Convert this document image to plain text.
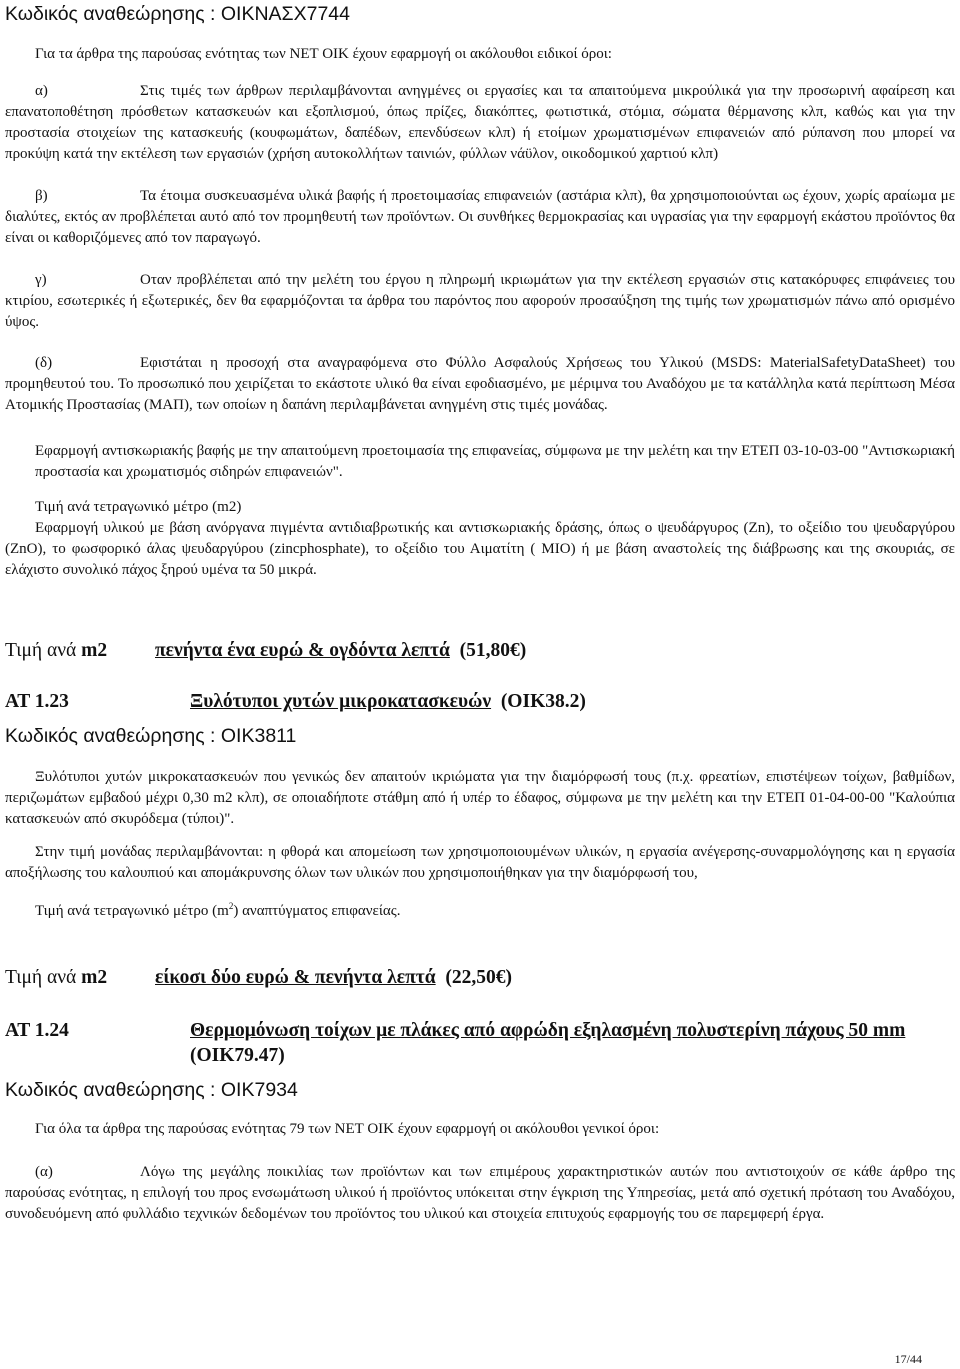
Κωδικός αναθεώρησης : ΟΙΚΝΑΣΧ7744

Για τα άρθρα της παρούσας ενότητας των ΝΕΤ ΟΙΚ έχουν εφαρμογή οι ακόλουθοι ειδικοί όροι:

α)	Στις τιμές των άρθρων περιλαμβάνονται ανηγμένες οι εργασίες και τα απαιτούμενα μικρούλικά για την προσωρινή αφαίρεση και επανατοποθέτηση πρόσθετων κατασκευών και εξοπλισμού, όπως πρίζες, διακόπτες, φωτιστικά, στόμια, σώματα θέρμανσης κλπ, καθώς και για την προστασία στοιχείων της κατασκευής (κουφωμάτων, δαπέδων, επενδύσεων κλπ) ή ετοίμων χρωματισμένων επιφανειών από ρύπανση που μπορεί να προκύψη κατά την εκτέλεση των εργασιών (χρήση αυτοκολλήτων ταινιών, φύλλων νάϋλον, οικοδομικού χαρτιού κλπ)

β)	Τα έτοιμα συσκευασμένα υλικά βαφής ή προετοιμασίας επιφανειών (αστάρια κλπ), θα χρησιμοποιούνται ως έχουν, χωρίς αραίωμα με διαλύτες, εκτός αν προβλέπεται αυτό από τον προμηθευτή των προϊόντων. Οι συνθήκες θερμοκρασίας και υγρασίας για την εφαρμογή εκάστου προϊόντος θα είναι οι καθοριζόμενες από τον παραγωγό.

γ)	Οταν προβλέπεται από την μελέτη του έργου η πληρωμή ικριωμάτων για την εκτέλεση εργασιών στις κατακόρυφες επιφάνειες του κτιρίου, εσωτερικές ή εξωτερικές, δεν θα εφαρμόζονται τα άρθρα του παρόντος που αφορούν προσαύξηση της τιμής των χρωματισμών πάνω από ορισμένο ύψος.

(δ)	Εφιστάται η προσοχή στα αναγραφόμενα στο Φύλλο Ασφαλούς Χρήσεως του Υλικού (MSDS: MaterialSafetyDataSheet) του προμηθευτού του. Το προσωπικό που χειρίζεται το εκάστοτε υλικό θα είναι εφοδιασμένο, με μέριμνα του Αναδόχου με τα κατάλληλα κατά περίπτωση Μέσα Ατομικής Προστασίας (ΜΑΠ), των οποίων η δαπάνη περιλαμβάνεται ανηγμένη στις τιμές μονάδας.

Εφαρμογή αντισκωριακής βαφής με την απαιτούμενη προετοιμασία της επιφανείας, σύμφωνα με την μελέτη και την ΕΤΕΠ 03-10-03-00 "Αντισκωριακή προστασία και χρωματισμός σιδηρών επιφανειών".

Τιμή ανά τετραγωνικό μέτρο (m2)

Εφαρμογή υλικού με βάση ανόργανα πιγμέντα αντιδιαβρωτικής και αντισκωριακής δράσης, όπως ο ψευδάργυρος (Zn), το οξείδιο του ψευδαργύρου (ZnO), το φωσφορικό άλας ψευδαργύρου (zincphosphate), το οξείδιο του Αιματίτη ( ΜΙΟ) ή με βάση αναστολείς της διάβρωσης και της σκουριάς, σε ελάχιστο συνολικό πάχος ξηρού υμένα τα 50 μικρά.

Τιμή ανά m2 πενήντα ένα ευρώ & ογδόντα λεπτά (51,80€)
ΑΤ 1.23	Ξυλότυποι χυτών μικροκατασκευών (ΟΙΚ38.2)
Κωδικός αναθεώρησης : ΟΙΚ3811

Ξυλότυποι χυτών μικροκατασκευών που γενικώς δεν απαιτούν ικριώματα για την διαμόρφωσή τους (π.χ. φρεατίων, επιστέψεων τοίχων, βαθμίδων, περιζωμάτων εμβαδού μέχρι 0,30 m2 κλπ), σε οποιαδήποτε στάθμη από ή υπέρ το έδαφος, σύμφωνα με την μελέτη και την ΕΤΕΠ 01-04-00-00 "Καλούπια κατασκευών από σκυρόδεμα (τύποι)".

Στην τιμή μονάδας περιλαμβάνονται: η φθορά και απομείωση των χρησιμοποιουμένων υλικών, η εργασία ανέγερσης-συναρμολόγησης και η εργασία αποξήλωσης του καλουπιού και απομάκρυνσης όλων των υλικών που χρησιμοποιήθηκαν για την διαμόρφωσή του,

Τιμή ανά τετραγωνικό μέτρο $(m^2)$ αναπτύγματος επιφανείας.

Τιμή ανά m2 είκοσι δύο ευρώ & πενήντα λεπτά (22,50€)
ΑΤ 1.24	Θερμομόνωση τοίχων με πλάκες από αφρώδη εξηλασμένη πολυστερίνη πάχους 50 mm  (ΟΙΚ79.47)
Κωδικός αναθεώρησης : ΟΙΚ7934

Για όλα τα άρθρα της παρούσας ενότητας 79 των ΝΕΤ ΟΙΚ έχουν εφαρμογή οι ακόλουθοι γενικοί όροι:

(α)	Λόγω της μεγάλης ποικιλίας των προϊόντων και των επιμέρους χαρακτηριστικών αυτών που αντιστοιχούν σε κάθε άρθρο της παρούσας ενότητας, η επιλογή του προς ενσωμάτωση υλικού ή προϊόντος υπόκειται στην έγκριση της Υπηρεσίας, μετά από σχετική πρόταση του Αναδόχου, συνοδευόμενη από φυλλάδιο τεχνικών δεδομένων του προϊόντος του υλικού και στοιχεία επιτυχούς εφαρμογής του σε παρεμφερή έργα.

17/44
